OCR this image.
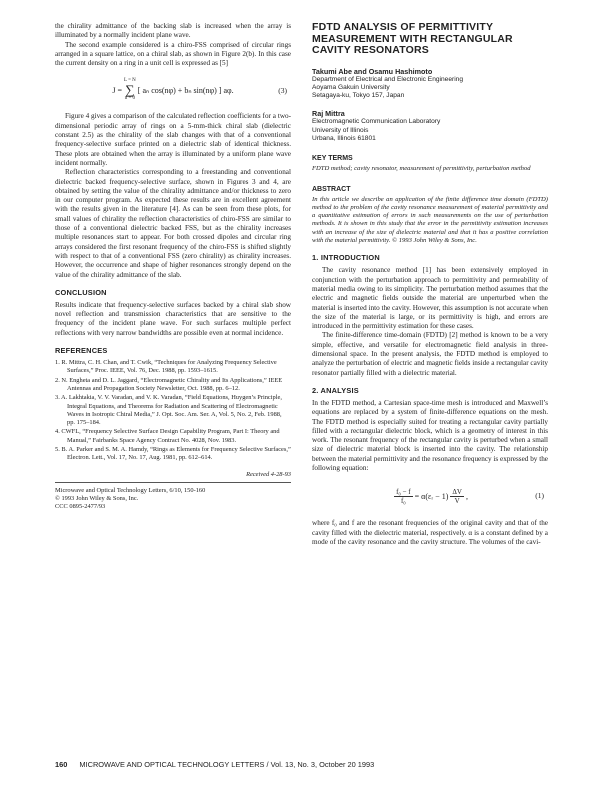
the chirality admittance of the backing slab is increased when the array is illuminated by a normally incident plane wave.

The second example considered is a chiro-FSS comprised of circular rings arranged in a square lattice, on a chiral slab, as shown in Figure 2(b). In this case the current density on a ring in a unit cell is expressed as [5]

J =
L = N
∑
n = 0
[ aₙ cos(nφ) + bₙ sin(nφ) ] aφ.	(3)

Figure 4 gives a comparison of the calculated reflection coefficients for a two-dimensional periodic array of rings on a 5-mm-thick chiral slab (dielectric constant 2.5) as the chirality of the slab changes with that of a conventional frequency-selective surface printed on a dielectric slab of identical thickness. These plots are obtained when the array is illuminated by a uniform plane wave incident normally.

Reflection characteristics corresponding to a freestanding and conventional dielectric backed frequency-selective surface, shown in Figures 3 and 4, are obtained by setting the value of the chirality admittance and/or thickness to zero in our computer program. As expected these results are in excellent agreement with the results given in the literature [4]. As can be seen from these plots, for small values of chirality the reflection characteristics of chiro-FSS are similar to those of a conventional dielectric backed FSS, but as the chirality increases multiple resonances start to appear. For both crossed dipoles and circular ring arrays considered the first resonant frequency of the chiro-FSS is shifted slightly with respect to that of a conventional FSS (zero chirality) as chirality increases. However, the occurrence and shape of higher resonances strongly depend on the value of the chirality admittance of the slab.

CONCLUSION

Results indicate that frequency-selective surfaces backed by a chiral slab show novel reflection and transmission characteristics that are sensitive to the frequency of the incident plane wave. For such surfaces multiple perfect reflections with very narrow bandwidths are possible even at normal incidence.

REFERENCES
1. R. Mittra, C. H. Chan, and T. Cwik, “Techniques for Analyzing Frequency Selective Surfaces,” Proc. IEEE, Vol. 76, Dec. 1988, pp. 1593–1615.
2. N. Engheta and D. L. Jaggard, “Electromagnetic Chirality and Its Applications,” IEEE Antennas and Propagation Society Newsletter, Oct. 1988, pp. 6–12.
3. A. Lakhtakia, V. V. Varadan, and V. K. Varadan, “Field Equations, Huygen’s Principle, Integral Equations, and Theorems for Radiation and Scattering of Electromagnetic Waves in Isotropic Chiral Media,” J. Opt. Soc. Am. Ser. A, Vol. 5, No. 2, Feb. 1988, pp. 175–184.
4. CWFL, “Frequency Selective Surface Design Capability Program, Part I: Theory and Manual,” Fairbanks Space Agency Contract No. 4028, Nov. 1983.
5. B. A. Parker and S. M. A. Hamdy, “Rings as Elements for Frequency Selective Surfaces,” Electron. Lett., Vol. 17, No. 17, Aug. 1981, pp. 612–614.
Received 4-28-93
Microwave and Optical Technology Letters, 6/10, 150-160
© 1993 John Wiley & Sons, Inc.
CCC 0895-2477/93
FDTD ANALYSIS OF PERMITTIVITY MEASUREMENT WITH RECTANGULAR CAVITY RESONATORS
Takumi Abe and Osamu Hashimoto
Department of Electrical and Electronic Engineering
Aoyama Gakuin University
Setagaya-ku, Tokyo 157, Japan
Raj Mittra
Electromagnetic Communication Laboratory
University of Illinois
Urbana, Illinois 61801
KEY TERMS
FDTD method; cavity resonator, measurement of permittivity, perturbation method
ABSTRACT
In this article we describe an application of the finite difference time domain (FDTD) method to the problem of the cavity resonance measurement of material permittivity and a quantitative estimation of errors in such measurements on the use of perturbation methods. It is shown in this study that the error in the permittivity estimation increases with an increase of the size of dielectric material and that it has a positive correlation with the material permittivity. © 1993 John Wiley & Sons, Inc.
1. INTRODUCTION

The cavity resonance method [1] has been extensively employed in conjunction with the perturbation approach to permittivity and permeability of material media owing to its simplicity. The perturbation method assumes that the electric and magnetic fields outside the material are unperturbed when the material is inserted into the cavity. However, this assumption is not accurate when the size of the material is large, or its permittivity is high, and errors are introduced in the permittivity estimation for these cases.

The finite-difference time-domain (FDTD) [2] method is known to be a very simple, effective, and versatile for electromagnetic field analysis in three-dimensional space. In the present analysis, the FDTD method is employed to analyze the perturbation of electric and magnetic fields inside a rectangular cavity resonator partially filled with a dielectric material.

2. ANALYSIS

In the FDTD method, a Cartesian space-time mesh is introduced and Maxwell’s equations are replaced by a system of finite-difference equations on the mesh. The FDTD method is especially suited for treating a rectangular cavity partially filled with a rectangular dielectric block, which is a geometry of interest in this work. The resonant frequency of the rectangular cavity is perturbed when a small size of dielectric material block is inserted into the cavity. The relationship between the material permittivity and the resonance frequency is expressed by the following equation:

$\frac{\text{f₀ − f}}{\text{f₀}}$ = α(εᵣ − $1) \frac{\Delta V}{V}$ ,	(1)

where f₀ and f are the resonant frequencies of the original cavity and that of the cavity filled with the dielectric material, respectively. α is a constant defined by a mode of the cavity resonance and the cavity structure. The volumes of the cavi-

160 MICROWAVE AND OPTICAL TECHNOLOGY LETTERS / Vol. 13, No. 3, October 20 1993
